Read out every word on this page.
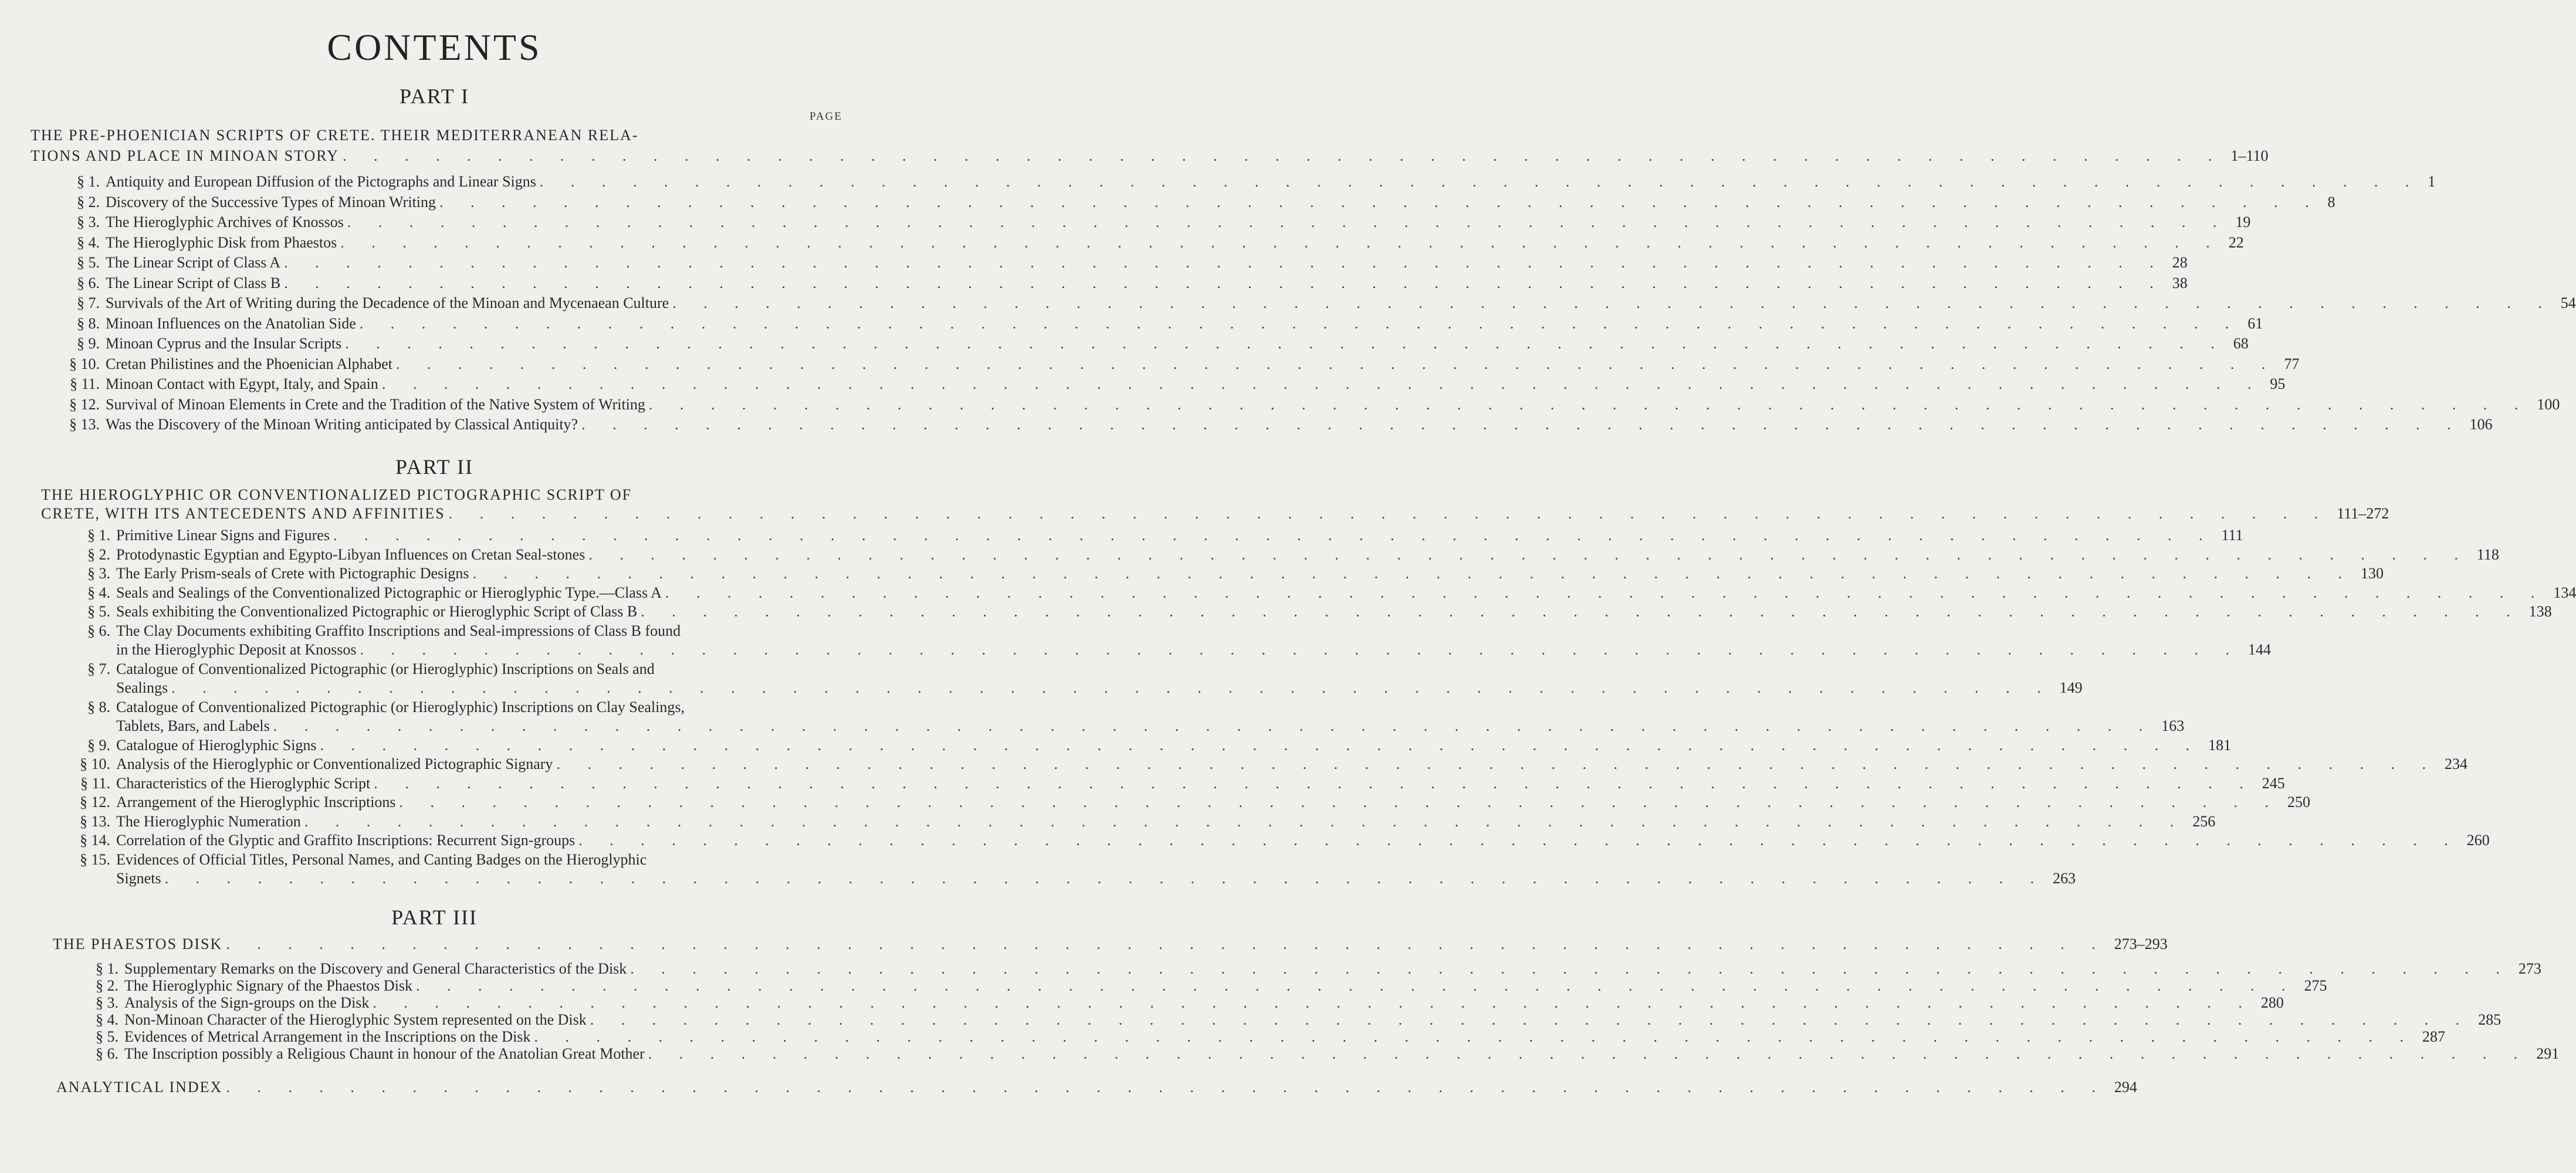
CONTENTS
PAGE
PART I
THE PRE-PHOENICIAN SCRIPTS OF CRETE. THEIR MEDITERRANEAN RELA-
TIONS AND PLACE IN MINOAN STORY . . . . . . . . . . . . . . . . . . . . . . . . . . . . . . . . . . . . . . . . . . . . . . . . . . . . . . . . . . . . . 1–110
§ 1. Antiquity and European Diffusion of the Pictographs and Linear Signs . . . . . . . . . . . . . . . . . . . . . . . . . . . . . . . . . . . . . . . . . . . . . . . . . . . . . . . . . . . . . 1
§ 2. Discovery of the Successive Types of Minoan Writing . . . . . . . . . . . . . . . . . . . . . . . . . . . . . . . . . . . . . . . . . . . . . . . . . . . . . . . . . . . . . 8
§ 3. The Hieroglyphic Archives of Knossos . . . . . . . . . . . . . . . . . . . . . . . . . . . . . . . . . . . . . . . . . . . . . . . . . . . . . . . . . . . . . 19
§ 4. The Hieroglyphic Disk from Phaestos . . . . . . . . . . . . . . . . . . . . . . . . . . . . . . . . . . . . . . . . . . . . . . . . . . . . . . . . . . . . . 22
§ 5. The Linear Script of Class A . . . . . . . . . . . . . . . . . . . . . . . . . . . . . . . . . . . . . . . . . . . . . . . . . . . . . . . . . . . . . 28
§ 6. The Linear Script of Class B . . . . . . . . . . . . . . . . . . . . . . . . . . . . . . . . . . . . . . . . . . . . . . . . . . . . . . . . . . . . . 38
§ 7. Survivals of the Art of Writing during the Decadence of the Minoan and Mycenaean Culture . . . . . . . . . . . . . . . . . . . . . . . . . . . . . . . . . . . . . . . . . . . . . . . . . . . . . . . . . . . . . 54
§ 8. Minoan Influences on the Anatolian Side . . . . . . . . . . . . . . . . . . . . . . . . . . . . . . . . . . . . . . . . . . . . . . . . . . . . . . . . . . . . . 61
§ 9. Minoan Cyprus and the Insular Scripts . . . . . . . . . . . . . . . . . . . . . . . . . . . . . . . . . . . . . . . . . . . . . . . . . . . . . . . . . . . . . 68
§ 10. Cretan Philistines and the Phoenician Alphabet . . . . . . . . . . . . . . . . . . . . . . . . . . . . . . . . . . . . . . . . . . . . . . . . . . . . . . . . . . . . . 77
§ 11. Minoan Contact with Egypt, Italy, and Spain . . . . . . . . . . . . . . . . . . . . . . . . . . . . . . . . . . . . . . . . . . . . . . . . . . . . . . . . . . . . . 95
§ 12. Survival of Minoan Elements in Crete and the Tradition of the Native System of Writing . . . . . . . . . . . . . . . . . . . . . . . . . . . . . . . . . . . . . . . . . . . . . . . . . . . . . . . . . . . . . 100
§ 13. Was the Discovery of the Minoan Writing anticipated by Classical Antiquity? . . . . . . . . . . . . . . . . . . . . . . . . . . . . . . . . . . . . . . . . . . . . . . . . . . . . . . . . . . . . . 106
PART II
THE HIEROGLYPHIC OR CONVENTIONALIZED PICTOGRAPHIC SCRIPT OF
CRETE, WITH ITS ANTECEDENTS AND AFFINITIES . . . . . . . . . . . . . . . . . . . . . . . . . . . . . . . . . . . . . . . . . . . . . . . . . . . . . . . . . . . . . 111–272
§ 1. Primitive Linear Signs and Figures . . . . . . . . . . . . . . . . . . . . . . . . . . . . . . . . . . . . . . . . . . . . . . . . . . . . . . . . . . . . . 111
§ 2. Protodynastic Egyptian and Egypto-Libyan Influences on Cretan Seal-stones . . . . . . . . . . . . . . . . . . . . . . . . . . . . . . . . . . . . . . . . . . . . . . . . . . . . . . . . . . . . . 118
§ 3. The Early Prism-seals of Crete with Pictographic Designs . . . . . . . . . . . . . . . . . . . . . . . . . . . . . . . . . . . . . . . . . . . . . . . . . . . . . . . . . . . . . 130
§ 4. Seals and Sealings of the Conventionalized Pictographic or Hieroglyphic Type.—Class A . . . . . . . . . . . . . . . . . . . . . . . . . . . . . . . . . . . . . . . . . . . . . . . . . . . . . . . . . . . . . 134
§ 5. Seals exhibiting the Conventionalized Pictographic or Hieroglyphic Script of Class B . . . . . . . . . . . . . . . . . . . . . . . . . . . . . . . . . . . . . . . . . . . . . . . . . . . . . . . . . . . . . 138
§ 6. The Clay Documents exhibiting Graffito Inscriptions and Seal-impressions of Class B found
in the Hieroglyphic Deposit at Knossos . . . . . . . . . . . . . . . . . . . . . . . . . . . . . . . . . . . . . . . . . . . . . . . . . . . . . . . . . . . . . 144
§ 7. Catalogue of Conventionalized Pictographic (or Hieroglyphic) Inscriptions on Seals and
Sealings . . . . . . . . . . . . . . . . . . . . . . . . . . . . . . . . . . . . . . . . . . . . . . . . . . . . . . . . . . . . . 149
§ 8. Catalogue of Conventionalized Pictographic (or Hieroglyphic) Inscriptions on Clay Sealings,
Tablets, Bars, and Labels . . . . . . . . . . . . . . . . . . . . . . . . . . . . . . . . . . . . . . . . . . . . . . . . . . . . . . . . . . . . . 163
§ 9. Catalogue of Hieroglyphic Signs . . . . . . . . . . . . . . . . . . . . . . . . . . . . . . . . . . . . . . . . . . . . . . . . . . . . . . . . . . . . . 181
§ 10. Analysis of the Hieroglyphic or Conventionalized Pictographic Signary . . . . . . . . . . . . . . . . . . . . . . . . . . . . . . . . . . . . . . . . . . . . . . . . . . . . . . . . . . . . . 234
§ 11. Characteristics of the Hieroglyphic Script . . . . . . . . . . . . . . . . . . . . . . . . . . . . . . . . . . . . . . . . . . . . . . . . . . . . . . . . . . . . . 245
§ 12. Arrangement of the Hieroglyphic Inscriptions . . . . . . . . . . . . . . . . . . . . . . . . . . . . . . . . . . . . . . . . . . . . . . . . . . . . . . . . . . . . . 250
§ 13. The Hieroglyphic Numeration . . . . . . . . . . . . . . . . . . . . . . . . . . . . . . . . . . . . . . . . . . . . . . . . . . . . . . . . . . . . . 256
§ 14. Correlation of the Glyptic and Graffito Inscriptions: Recurrent Sign-groups . . . . . . . . . . . . . . . . . . . . . . . . . . . . . . . . . . . . . . . . . . . . . . . . . . . . . . . . . . . . . 260
§ 15. Evidences of Official Titles, Personal Names, and Canting Badges on the Hieroglyphic
Signets . . . . . . . . . . . . . . . . . . . . . . . . . . . . . . . . . . . . . . . . . . . . . . . . . . . . . . . . . . . . . 263
PART III
THE PHAESTOS DISK . . . . . . . . . . . . . . . . . . . . . . . . . . . . . . . . . . . . . . . . . . . . . . . . . . . . . . . . . . . . . 273–293
§ 1. Supplementary Remarks on the Discovery and General Characteristics of the Disk . . . . . . . . . . . . . . . . . . . . . . . . . . . . . . . . . . . . . . . . . . . . . . . . . . . . . . . . . . . . . 273
§ 2. The Hieroglyphic Signary of the Phaestos Disk . . . . . . . . . . . . . . . . . . . . . . . . . . . . . . . . . . . . . . . . . . . . . . . . . . . . . . . . . . . . . 275
§ 3. Analysis of the Sign-groups on the Disk . . . . . . . . . . . . . . . . . . . . . . . . . . . . . . . . . . . . . . . . . . . . . . . . . . . . . . . . . . . . . 280
§ 4. Non-Minoan Character of the Hieroglyphic System represented on the Disk . . . . . . . . . . . . . . . . . . . . . . . . . . . . . . . . . . . . . . . . . . . . . . . . . . . . . . . . . . . . . 285
§ 5. Evidences of Metrical Arrangement in the Inscriptions on the Disk . . . . . . . . . . . . . . . . . . . . . . . . . . . . . . . . . . . . . . . . . . . . . . . . . . . . . . . . . . . . . 287
§ 6. The Inscription possibly a Religious Chaunt in honour of the Anatolian Great Mother . . . . . . . . . . . . . . . . . . . . . . . . . . . . . . . . . . . . . . . . . . . . . . . . . . . . . . . . . . . . . 291
ANALYTICAL INDEX . . . . . . . . . . . . . . . . . . . . . . . . . . . . . . . . . . . . . . . . . . . . . . . . . . . . . . . . . . . . . 294
